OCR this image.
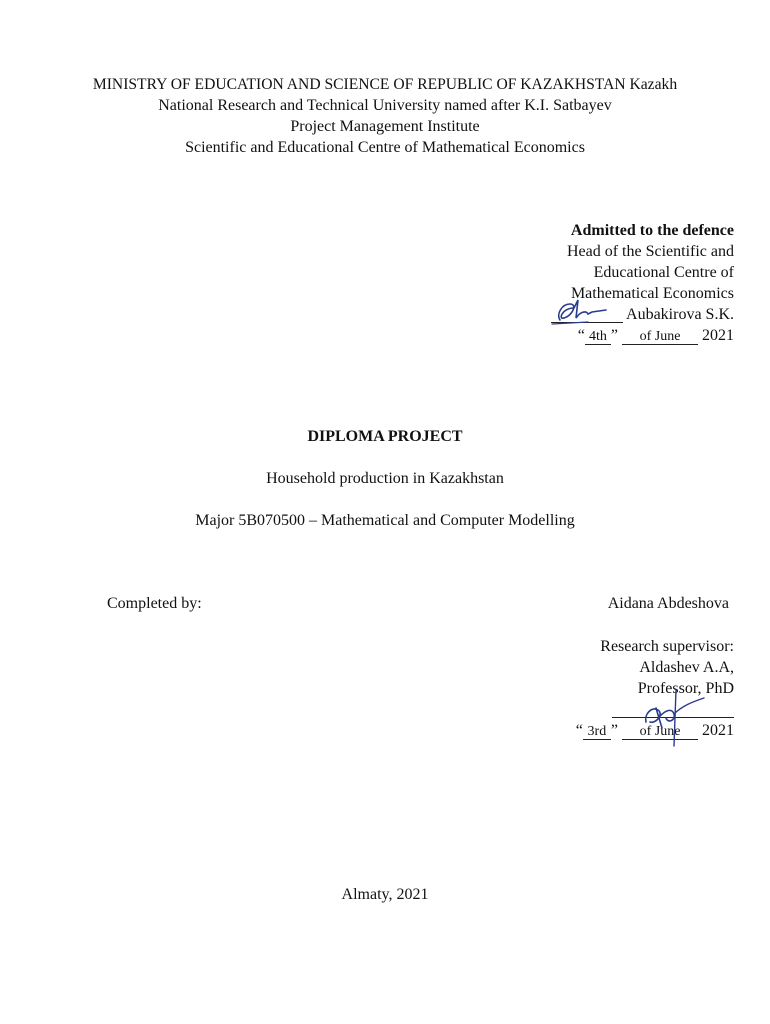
MINISTRY OF EDUCATION AND SCIENCE OF REPUBLIC OF KAZAKHSTAN Kazakh
National Research and Technical University named after K.I. Satbayev
Project Management Institute
Scientific and Educational Centre of Mathematical Economics
Admitted to the defence
Head of the Scientific and
Educational Centre of
Mathematical Economics
Aubakirova S.K.
“ 4th ” of June 2021
DIPLOMA PROJECT
Household production in Kazakhstan
Major 5B070500 – Mathematical and Computer Modelling
Completed by:	Aidana Abdeshova
Research supervisor:
Aldashev A.A,
Professor, PhD

“ 3rd ” of June 2021
Almaty, 2021
